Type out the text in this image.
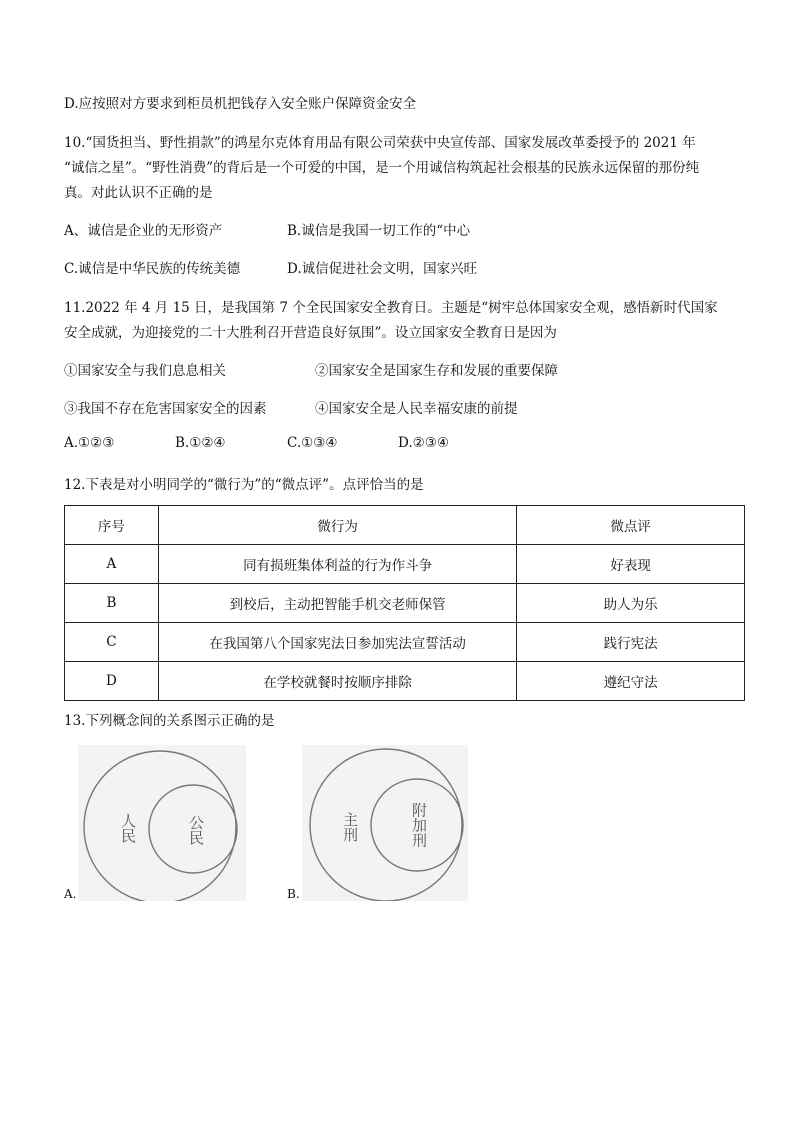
D.应按照对方要求到柜员机把钱存入安全账户保障资金安全
10.“国货担当、野性捐款”的鸿星尔克体育用品有限公司荣获中央宣传部、国家发展改革委授予的 2021 年
“诚信之星”。“野性消费”的背后是一个可爱的中国，是一个用诚信构筑起社会根基的民族永远保留的那份纯
真。对此认识不正确的是
A、诚信是企业的无形资产	B.诚信是我国一切工作的“中心
C.诚信是中华民族的传统美德	D.诚信促进社会文明，国家兴旺
11.2022 年 4 月 15 日，是我国第 7 个全民国家安全教育日。主题是“树牢总体国家安全观，感悟新时代国家
安全成就，为迎接党的二十大胜利召开营造良好氛围”。设立国家安全教育日是因为
①国家安全与我们息息相关	②国家安全是国家生存和发展的重要保障
③我国不存在危害国家安全的因素	④国家安全是人民幸福安康的前提
A.①②③	B.①②④	C.①③④	D.②③④
12.下表是对小明同学的“微行为”的“微点评”。点评恰当的是
序号	微行为	微点评
A	同有损班集体利益的行为作斗争	好表现
B	到校后，主动把智能手机交老师保管	助人为乐
C	在我国第八个国家宪法日参加宪法宣誓活动	践行宪法
D	在学校就餐时按顺序排除	遵纪守法
13.下列概念间的关系图示正确的是
人民	公民
A.
主刑	附加刑
B.
